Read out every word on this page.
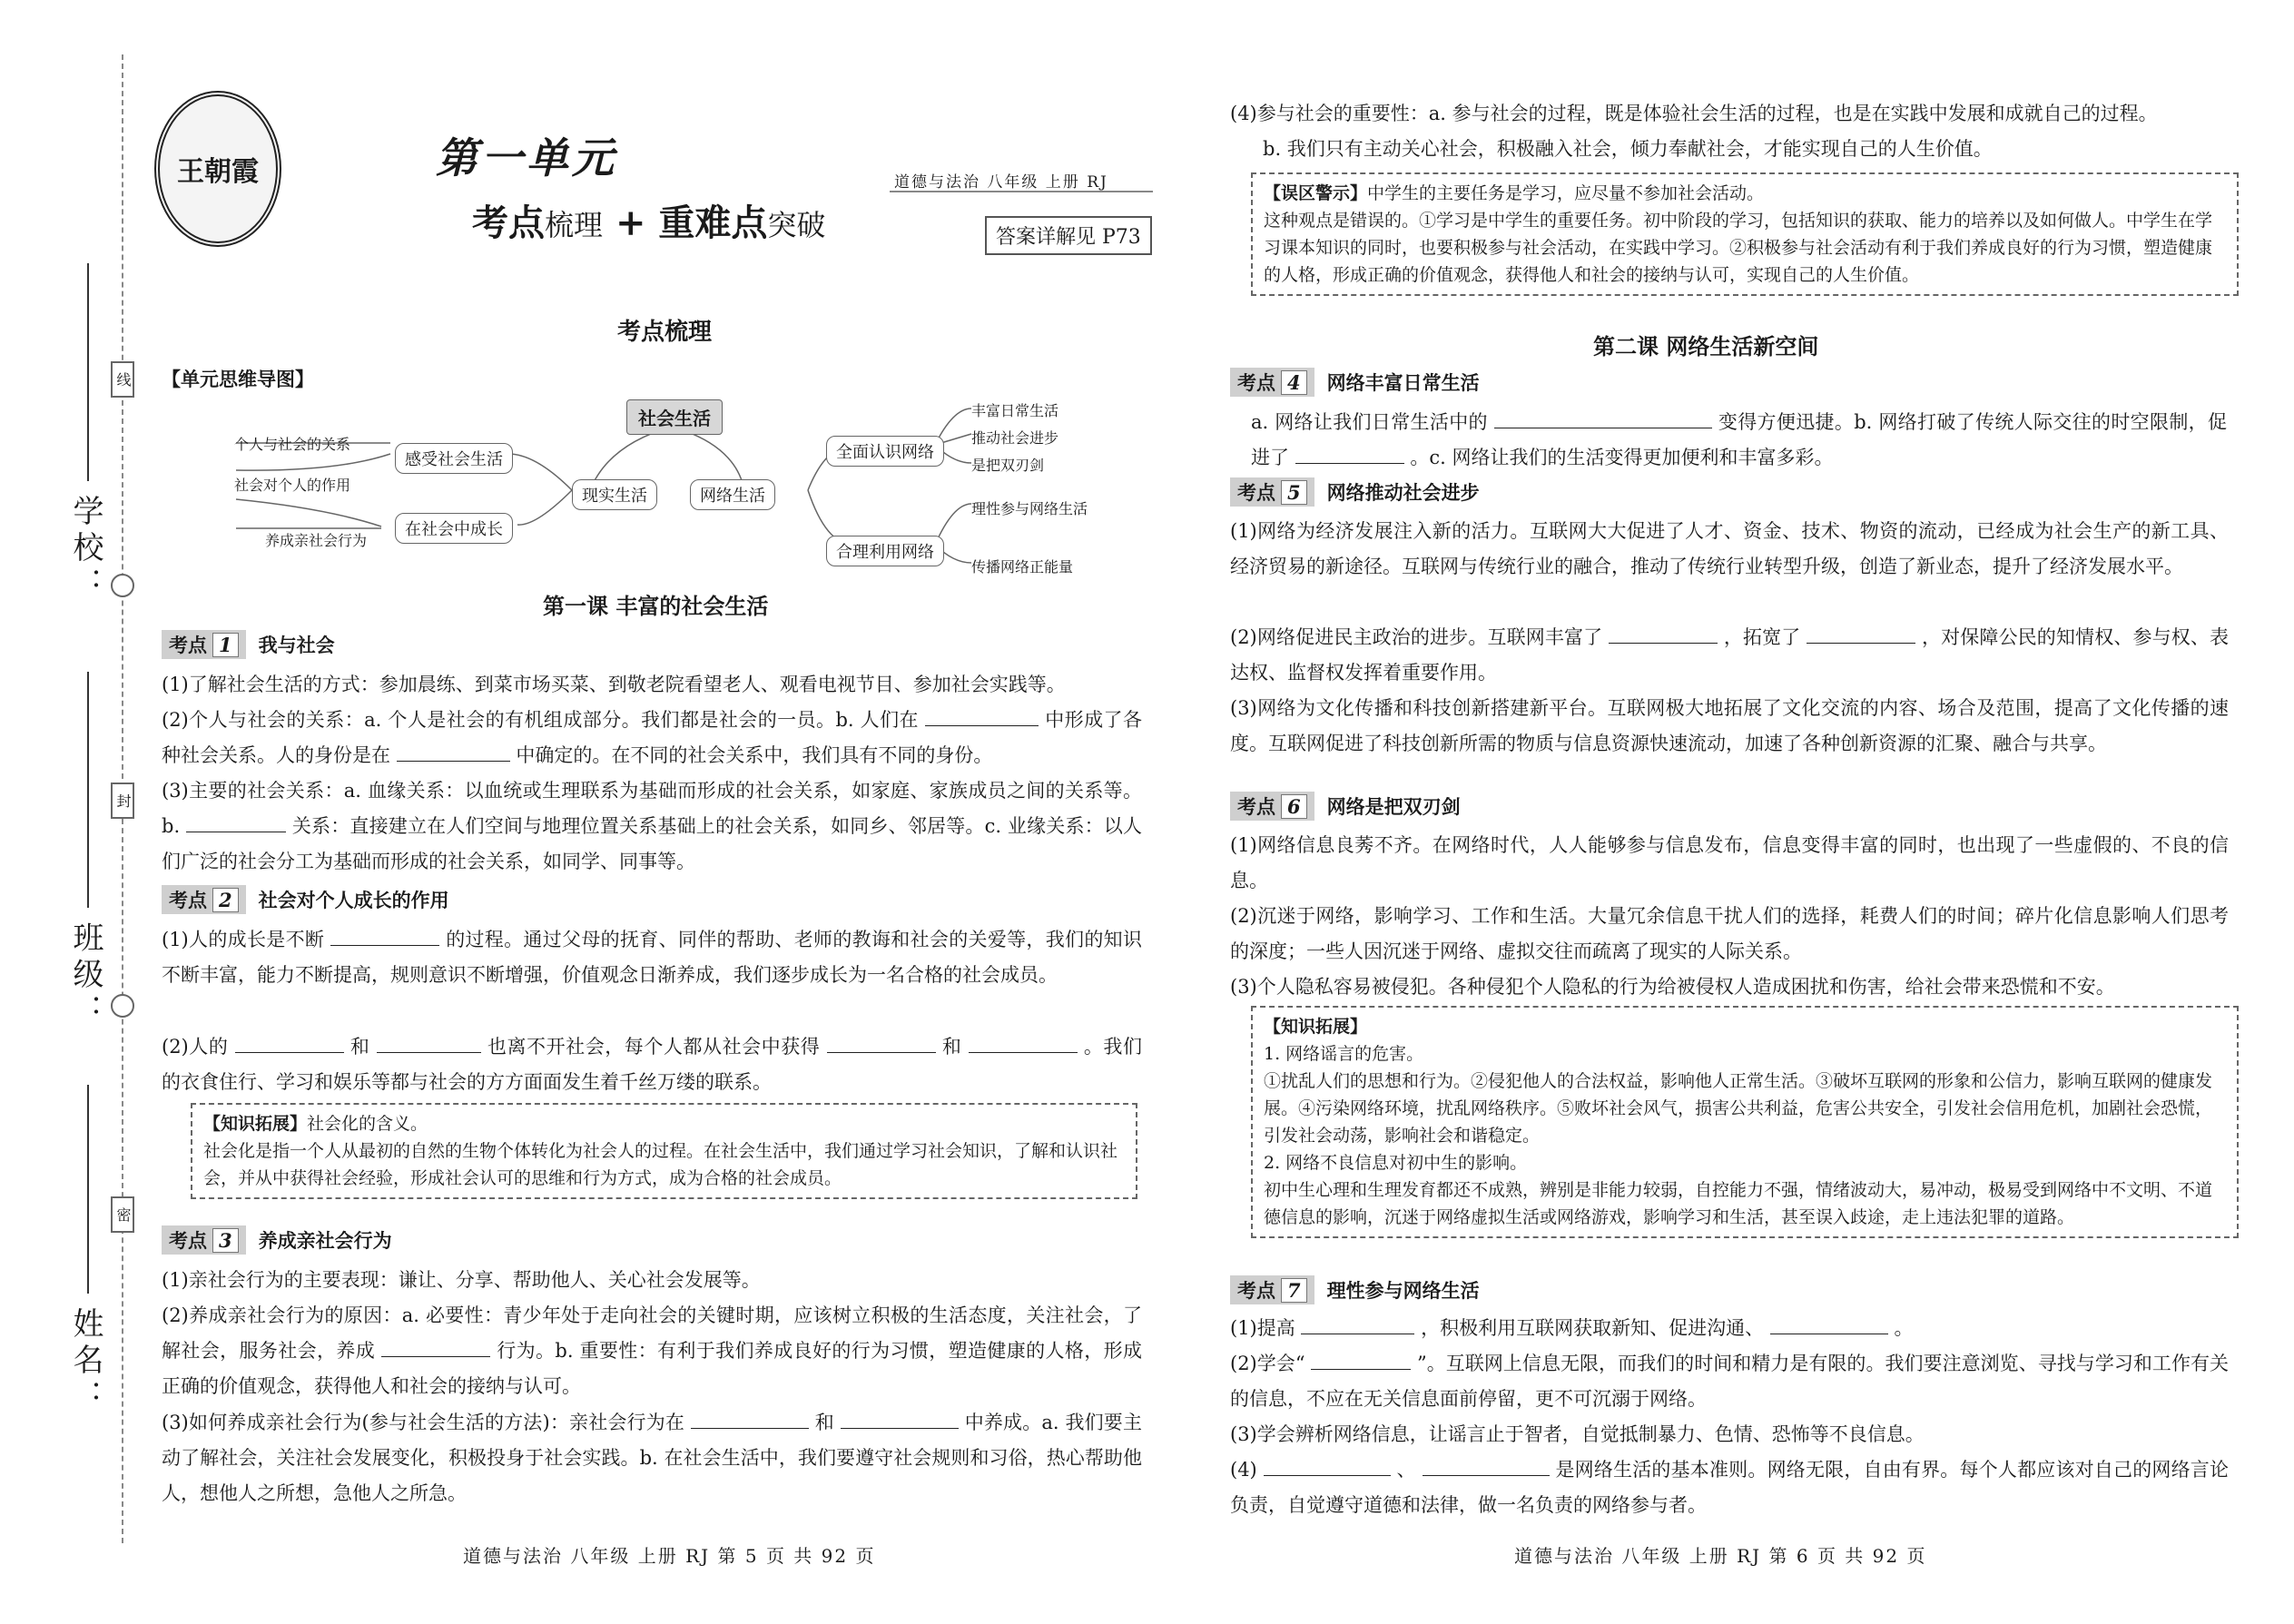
学校：
班级：
姓名：
线
封
密
王朝霞	第一单元
考点梳理 + 重难点突破
道德与法治 八年级 上册 RJ
答案详解见 P73
考点梳理
【单元思维导图】
社会生活
现实生活	网络生活
感受社会生活
在社会中成长
个人与社会的关系
社会对个人的作用
养成亲社会行为
全面认识网络
合理利用网络
丰富日常生活
推动社会进步
是把双刃剑
理性参与网络生活
传播网络正能量
第一课 丰富的社会生活
考点 1	我与社会
(1)了解社会生活的方式：参加晨练、到菜市场买菜、到敬老院看望老人、观看电视节目、参加社会实践等。
(2)个人与社会的关系：a. 个人是社会的有机组成部分。我们都是社会的一员。b. 人们在	中形成了各种社会关系。人的身份是在	中确定的。在不同的社会关系中，我们具有不同的身份。
(3)主要的社会关系：a. 血缘关系：以血统或生理联系为基础而形成的社会关系，如家庭、家族成员之间的关系等。b.	关系：直接建立在人们空间与地理位置关系基础上的社会关系，如同乡、邻居等。c. 业缘关系：以人们广泛的社会分工为基础而形成的社会关系，如同学、同事等。
考点 2	社会对个人成长的作用
(1)人的成长是不断	的过程。通过父母的抚育、同伴的帮助、老师的教诲和社会的关爱等，我们的知识不断丰富，能力不断提高，规则意识不断增强，价值观念日渐养成，我们逐步成长为一名合格的社会成员。
(2)人的	和	也离不开社会，每个人都从社会中获得	和	。我们的衣食住行、学习和娱乐等都与社会的方方面面发生着千丝万缕的联系。
【知识拓展】社会化的含义。
社会化是指一个人从最初的自然的生物个体转化为社会人的过程。在社会生活中，我们通过学习社会知识，了解和认识社会，并从中获得社会经验，形成社会认可的思维和行为方式，成为合格的社会成员。
考点 3	养成亲社会行为
(1)亲社会行为的主要表现：谦让、分享、帮助他人、关心社会发展等。
(2)养成亲社会行为的原因：a. 必要性：青少年处于走向社会的关键时期，应该树立积极的生活态度，关注社会，了解社会，服务社会，养成	行为。b. 重要性：有利于我们养成良好的行为习惯，塑造健康的人格，形成正确的价值观念，获得他人和社会的接纳与认可。
(3)如何养成亲社会行为(参与社会生活的方法)：亲社会行为在	和	中养成。a. 我们要主动了解社会，关注社会发展变化，积极投身于社会实践。b. 在社会生活中，我们要遵守社会规则和习俗，热心帮助他人，想他人之所想，急他人之所急。
道德与法治 八年级 上册 RJ 第 5 页 共 92 页
(4)参与社会的重要性：a. 参与社会的过程，既是体验社会生活的过程，也是在实践中发展和成就自己的过程。
b. 我们只有主动关心社会，积极融入社会，倾力奉献社会，才能实现自己的人生价值。
【误区警示】中学生的主要任务是学习，应尽量不参加社会活动。
这种观点是错误的。①学习是中学生的重要任务。初中阶段的学习，包括知识的获取、能力的培养以及如何做人。中学生在学习课本知识的同时，也要积极参与社会活动，在实践中学习。②积极参与社会活动有利于我们养成良好的行为习惯，塑造健康的人格，形成正确的价值观念，获得他人和社会的接纳与认可，实现自己的人生价值。
第二课 网络生活新空间
考点 4	网络丰富日常生活
a. 网络让我们日常生活中的	变得方便迅捷。b. 网络打破了传统人际交往的时空限制，促进了	。c. 网络让我们的生活变得更加便利和丰富多彩。
考点 5	网络推动社会进步
(1)网络为经济发展注入新的活力。互联网大大促进了人才、资金、技术、物资的流动，已经成为社会生产的新工具、经济贸易的新途径。互联网与传统行业的融合，推动了传统行业转型升级，创造了新业态，提升了经济发展水平。
(2)网络促进民主政治的进步。互联网丰富了	，拓宽了	，对保障公民的知情权、参与权、表达权、监督权发挥着重要作用。
(3)网络为文化传播和科技创新搭建新平台。互联网极大地拓展了文化交流的内容、场合及范围，提高了文化传播的速度。互联网促进了科技创新所需的物质与信息资源快速流动，加速了各种创新资源的汇聚、融合与共享。
考点 6	网络是把双刃剑
(1)网络信息良莠不齐。在网络时代，人人能够参与信息发布，信息变得丰富的同时，也出现了一些虚假的、不良的信息。
(2)沉迷于网络，影响学习、工作和生活。大量冗余信息干扰人们的选择，耗费人们的时间；碎片化信息影响人们思考的深度；一些人因沉迷于网络、虚拟交往而疏离了现实的人际关系。
(3)个人隐私容易被侵犯。各种侵犯个人隐私的行为给被侵权人造成困扰和伤害，给社会带来恐慌和不安。
【知识拓展】
1. 网络谣言的危害。
①扰乱人们的思想和行为。②侵犯他人的合法权益，影响他人正常生活。③破坏互联网的形象和公信力，影响互联网的健康发展。④污染网络环境，扰乱网络秩序。⑤败坏社会风气，损害公共利益，危害公共安全，引发社会信用危机，加剧社会恐慌，引发社会动荡，影响社会和谐稳定。
2. 网络不良信息对初中生的影响。
初中生心理和生理发育都还不成熟，辨别是非能力较弱，自控能力不强，情绪波动大，易冲动，极易受到网络中不文明、不道德信息的影响，沉迷于网络虚拟生活或网络游戏，影响学习和生活，甚至误入歧途，走上违法犯罪的道路。
考点 7	理性参与网络生活
(1)提高	，积极利用互联网获取新知、促进沟通、	。
(2)学会“	”。互联网上信息无限，而我们的时间和精力是有限的。我们要注意浏览、寻找与学习和工作有关的信息，不应在无关信息面前停留，更不可沉溺于网络。
(3)学会辨析网络信息，让谣言止于智者，自觉抵制暴力、色情、恐怖等不良信息。
(4)	、	是网络生活的基本准则。网络无限，自由有界。每个人都应该对自己的网络言论负责，自觉遵守道德和法律，做一名负责的网络参与者。
道德与法治 八年级 上册 RJ 第 6 页 共 92 页
